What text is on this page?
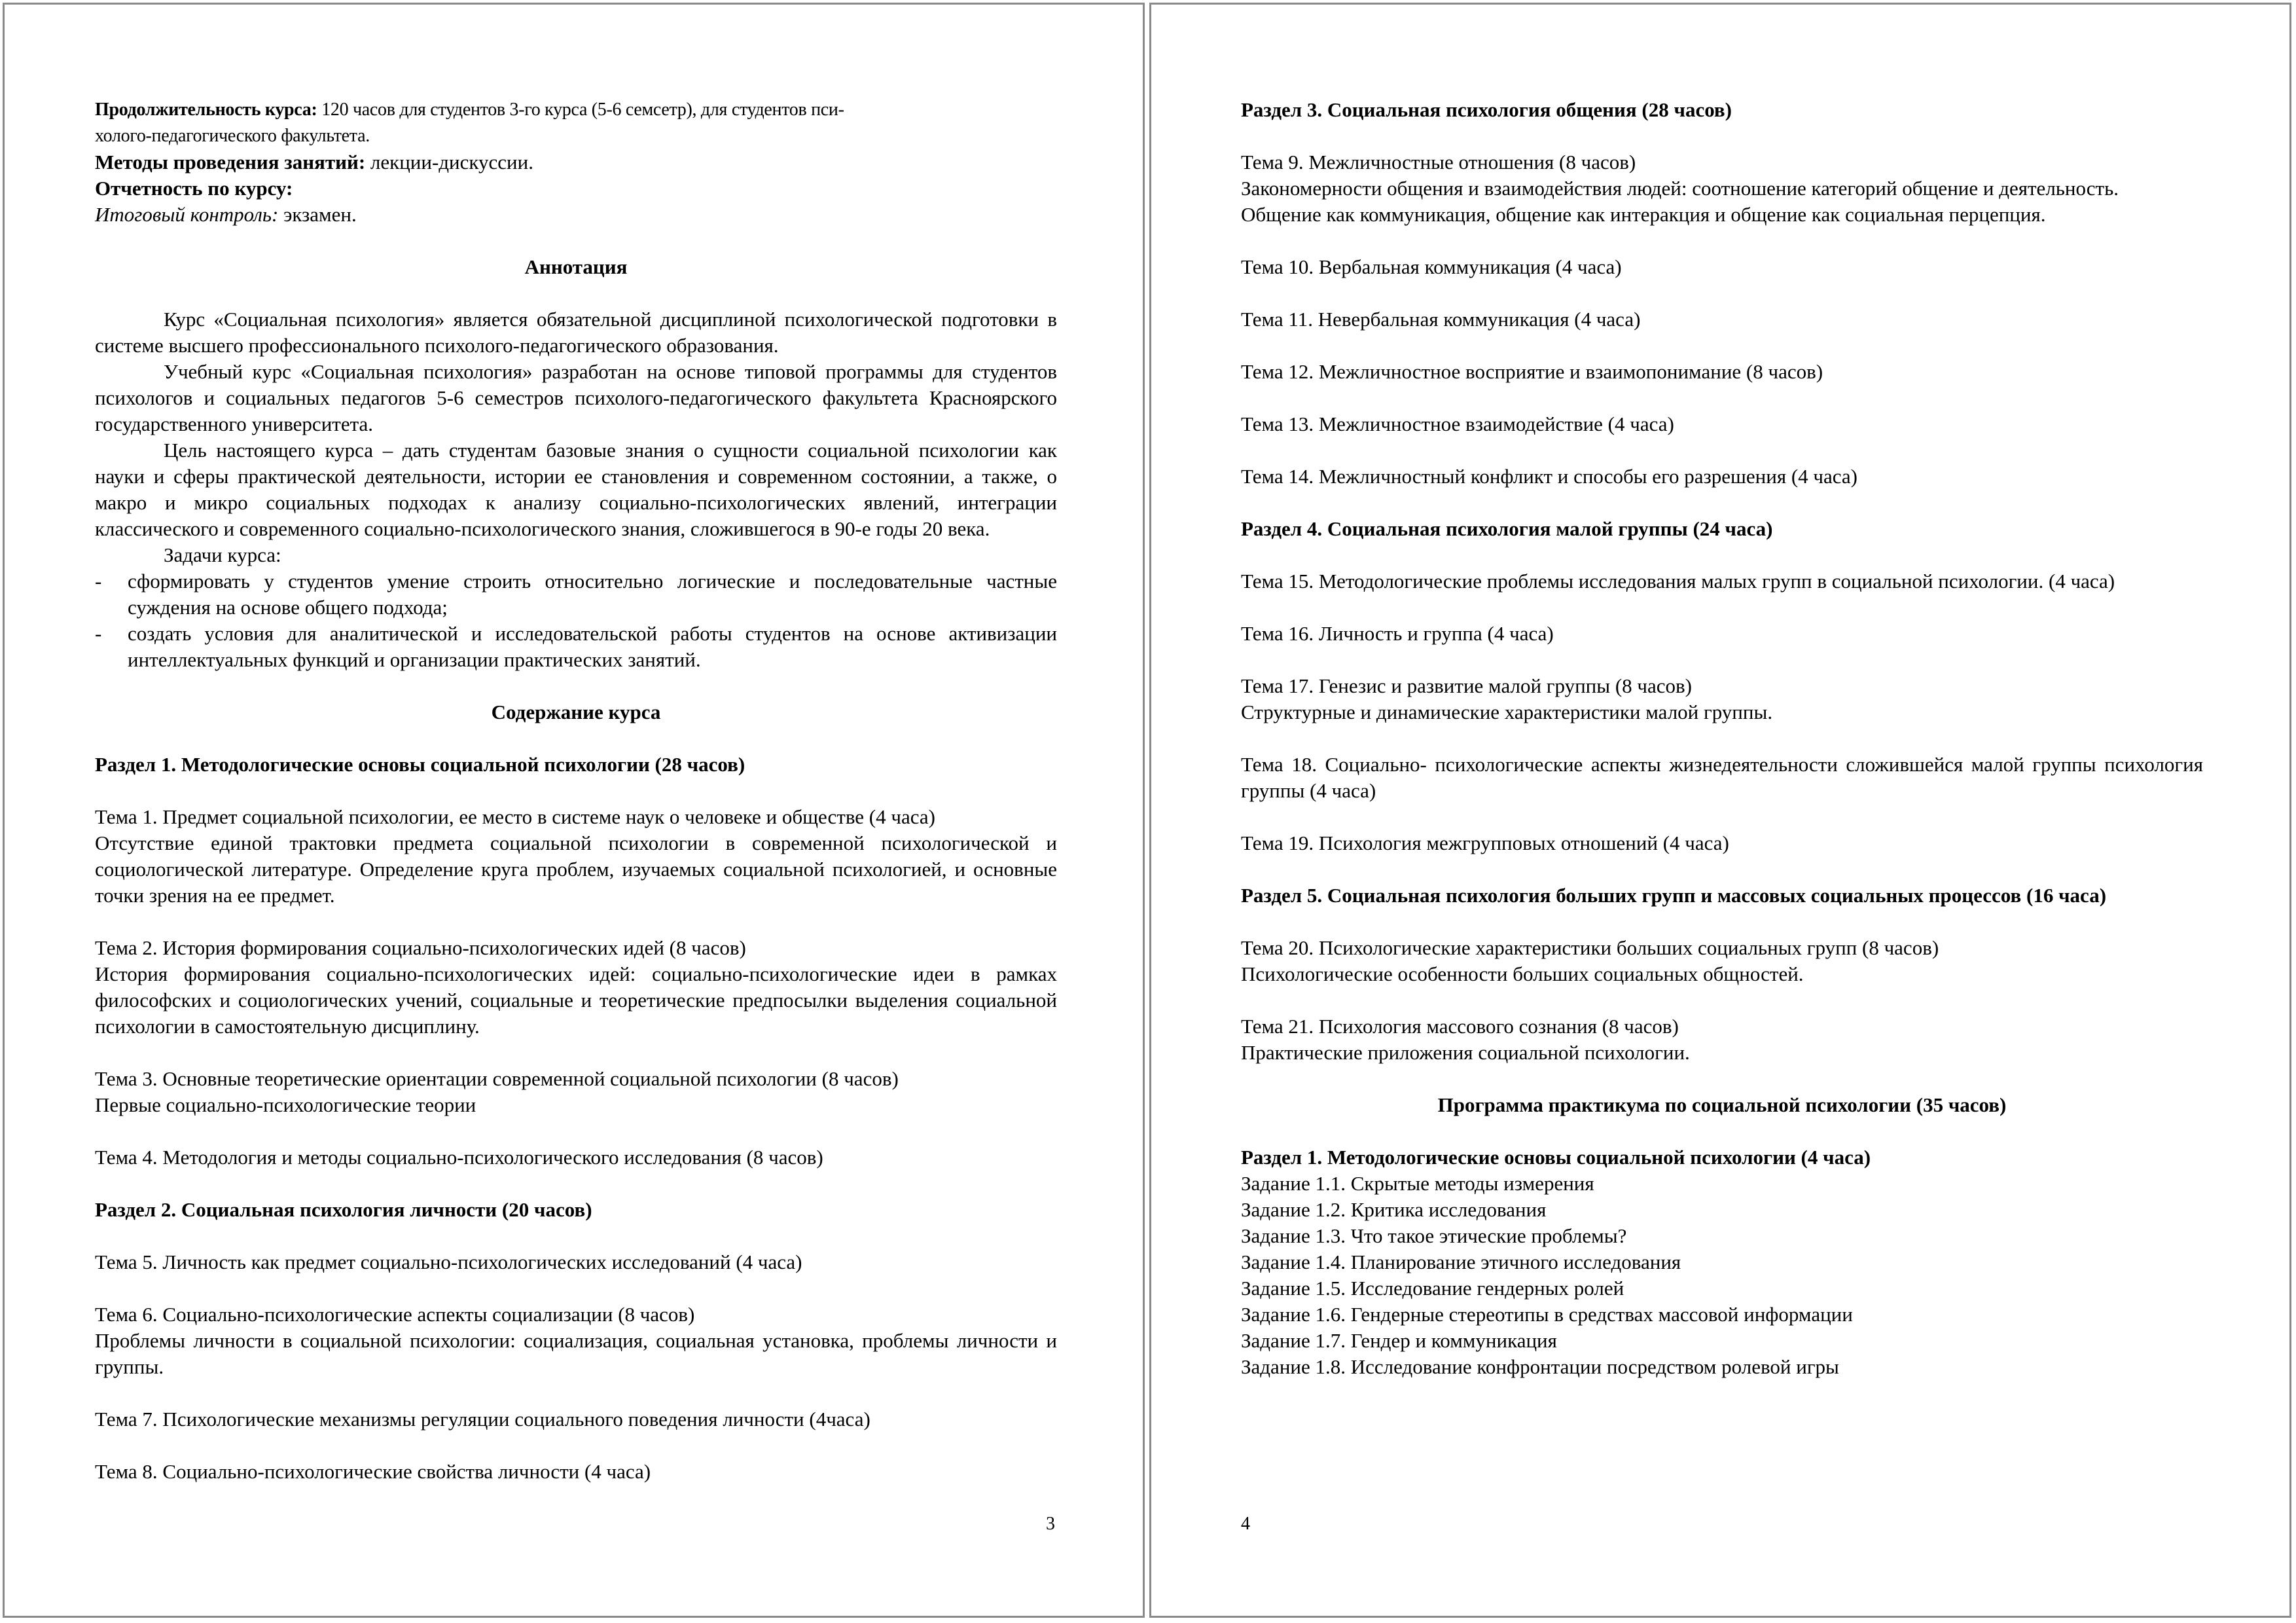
Продолжительность курса: 120 часов для студентов 3-го курса (5-6 семсетр), для студентов пси-

холого-педагогического факультета.

Методы проведения занятий: лекции-дискуссии.

Отчетность по курсу:

Итоговый контроль: экзамен.

Аннотация

Курс «Социальная психология» является обязательной дисциплиной психологической подготовки в системе высшего профессионального психолого-педагогического образования.

Учебный курс «Социальная психология» разработан на основе типовой программы для студентов психологов и социальных педагогов 5-6 семестров психолого-педагогического факультета Красноярского государственного университета.

Цель настоящего курса – дать студентам базовые знания о сущности социальной психологии как науки и сферы практической деятельности, истории ее становления и современном состоянии, а также, о макро и микро социальных подходах к анализу социально-психологических явлений, интеграции классического и современного социально-психологического знания, сложившегося в 90-е годы 20 века.

Задачи курса:

- сформировать у студентов умение строить относительно логические и последовательные частные суждения на основе общего подхода;

- создать условия для аналитической и исследовательской работы студентов на основе активизации интеллектуальных функций и организации практических занятий.

Содержание курса

Раздел 1. Методологические основы социальной психологии (28 часов)

Тема 1. Предмет социальной психологии, ее место в системе наук о человеке и обществе (4 часа)

Отсутствие единой трактовки предмета социальной психологии в современной психологической и социологической литературе. Определение круга проблем, изучаемых социальной психологией, и основные точки зрения на ее предмет.

Тема 2. История формирования социально-психологических идей (8 часов)

История формирования социально-психологических идей: социально-психологические идеи в рамках философских и социологических учений, социальные и теоретические предпосылки выделения социальной психологии в самостоятельную дисциплину.

Тема 3. Основные теоретические ориентации современной социальной психологии (8 часов)

Первые социально-психологические теории

Тема 4. Методология и методы социально-психологического исследования (8 часов)

Раздел 2. Социальная психология личности (20 часов)

Тема 5. Личность как предмет социально-психологических исследований (4 часа)

Тема 6. Социально-психологические аспекты социализации (8 часов)

Проблемы личности в социальной психологии: социализация, социальная установка, проблемы личности и группы.

Тема 7. Психологические механизмы регуляции социального поведения личности (4часа)

Тема 8. Социально-психологические свойства личности (4 часа)

3

Раздел 3. Социальная психология общения (28 часов)

Тема 9. Межличностные отношения (8 часов)

Закономерности общения и взаимодействия людей: соотношение категорий общение и деятельность.

Общение как коммуникация, общение как интеракция и общение как социальная перцепция.

Тема 10. Вербальная коммуникация (4 часа)

Тема 11. Невербальная коммуникация (4 часа)

Тема 12. Межличностное восприятие и взаимопонимание (8 часов)

Тема 13. Межличностное взаимодействие (4 часа)

Тема 14. Межличностный конфликт и способы его разрешения (4 часа)

Раздел 4. Социальная психология малой группы (24 часа)

Тема 15. Методологические проблемы исследования малых групп в социальной психологии. (4 часа)

Тема 16. Личность и группа (4 часа)

Тема 17. Генезис и развитие малой группы (8 часов)

Структурные и динамические характеристики малой группы.

Тема 18. Социально- психологические аспекты жизнедеятельности сложившейся малой группы психология группы (4 часа)

Тема 19. Психология межгрупповых отношений (4 часа)

Раздел 5. Социальная психология больших групп и массовых социальных процессов (16 часа)

Тема 20. Психологические характеристики больших социальных групп (8 часов)

Психологические особенности больших социальных общностей.

Тема 21. Психология массового сознания (8 часов)

Практические приложения социальной психологии.

Программа практикума по социальной психологии (35 часов)

Раздел 1. Методологические основы социальной психологии (4 часа)

Задание 1.1. Скрытые методы измерения

Задание 1.2. Критика исследования

Задание 1.3. Что такое этические проблемы?

Задание 1.4. Планирование этичного исследования

Задание 1.5. Исследование гендерных ролей

Задание 1.6. Гендерные стереотипы в средствах массовой информации

Задание 1.7. Гендер и коммуникация

Задание 1.8. Исследование конфронтации посредством ролевой игры

4
